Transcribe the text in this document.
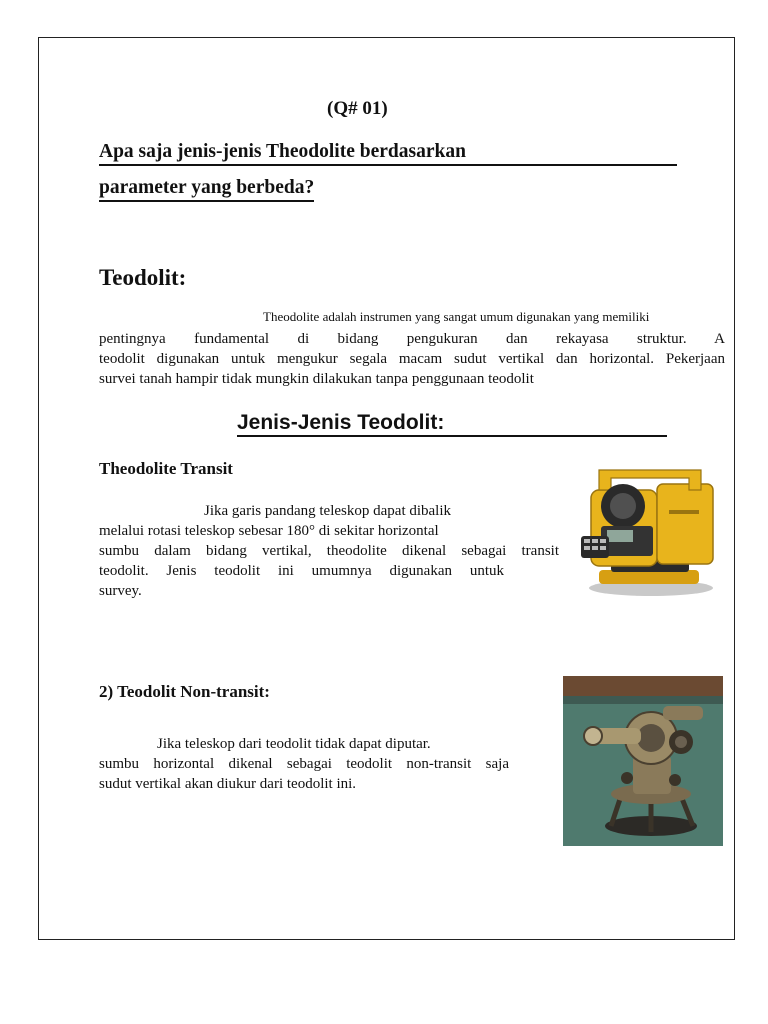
(Q# 01)
Apa saja jenis-jenis Theodolite berdasarkan
parameter yang berbeda?
Teodolit:
Theodolite adalah instrumen yang sangat umum digunakan yang memiliki
pentingnya fundamental di bidang pengukuran dan rekayasa struktur. A
teodolit digunakan untuk mengukur segala macam sudut vertikal dan horizontal. Pekerjaan
survei tanah hampir tidak mungkin dilakukan tanpa penggunaan teodolit
Jenis-Jenis Teodolit:
Theodolite Transit
Jika garis pandang teleskop dapat dibalik
melalui rotasi teleskop sebesar 180° di sekitar horizontal
sumbu dalam bidang vertikal, theodolite dikenal sebagai transit
teodolit. Jenis teodolit ini umumnya digunakan untuk
survey.
2) Teodolit Non-transit:
Jika teleskop dari teodolit tidak dapat diputar.
sumbu horizontal dikenal sebagai teodolit non-transit saja
sudut vertikal akan diukur dari teodolit ini.
